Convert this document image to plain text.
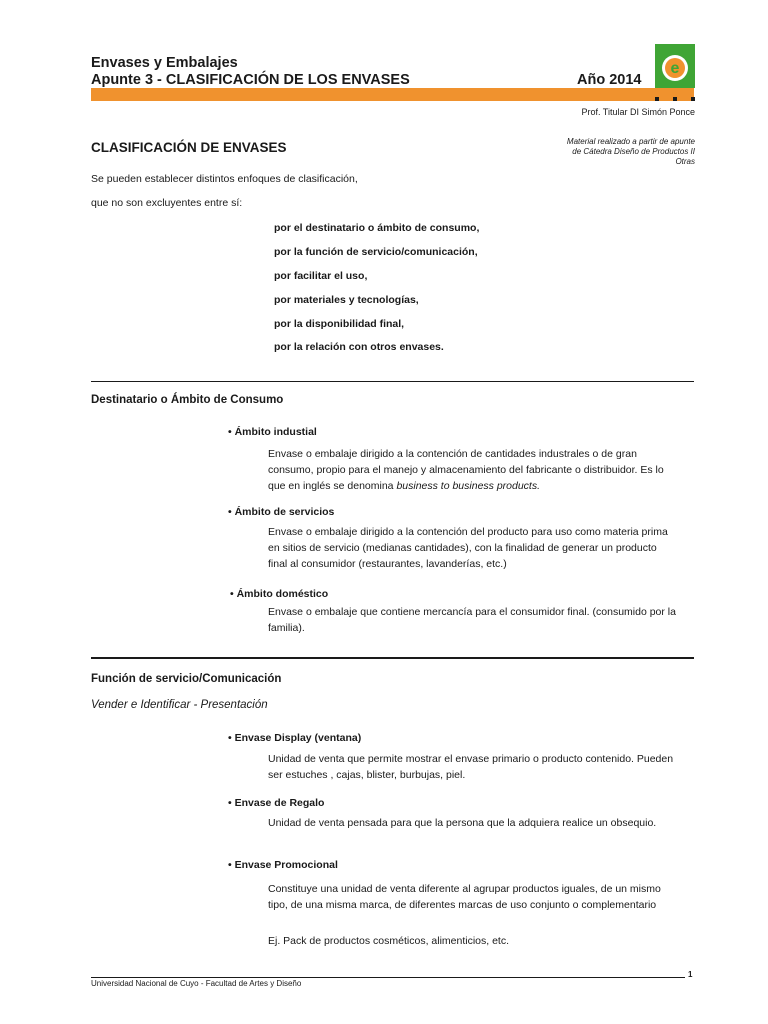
Envases y Embalajes
Apunte 3 - CLASIFICACIÓN DE LOS ENVASES	Año 2014
e
Prof. Titular DI Simón Ponce
Material realizado a partir de apunte
de Cátedra Diseño de Productos II
Otras
CLASIFICACIÓN DE ENVASES
Se pueden establecer distintos enfoques de clasificación,
que no son excluyentes entre sí:
por el destinatario o ámbito de consumo,
por la función de servicio/comunicación,
por facilitar el uso,
por materiales y tecnologías,
por la disponibilidad final,
por la relación con otros envases.
Destinatario o Ámbito de Consumo
• Ámbito industial
Envase o embalaje dirigido a la contención de cantidades industrales o de gran consumo, propio para el manejo y almacenamiento del fabricante o distribuidor. Es lo que en inglés se denomina business to business products.
• Ámbito de servicios
Envase o embalaje dirigido a la contención del producto para uso como materia prima en sitios de servicio (medianas cantidades), con la finalidad de generar un producto final al consumidor (restaurantes, lavanderías, etc.)
• Ámbito doméstico
Envase o embalaje que contiene mercancía para el consumidor final. (consumido por la familia).
Función de servicio/Comunicación
Vender e Identificar - Presentación
• Envase Display (ventana)
Unidad de venta que permite mostrar el envase primario o producto contenido. Pueden ser estuches , cajas, blister, burbujas, piel.
• Envase de Regalo
Unidad de venta pensada para que la persona que la adquiera realice un obsequio.
• Envase Promocional
Constituye una unidad de venta diferente al agrupar productos iguales, de un mismo tipo, de una misma marca, de diferentes marcas de uso conjunto o complementario
Ej. Pack de productos cosméticos, alimenticios, etc.
1
Universidad Nacional de Cuyo - Facultad de Artes y Diseño
